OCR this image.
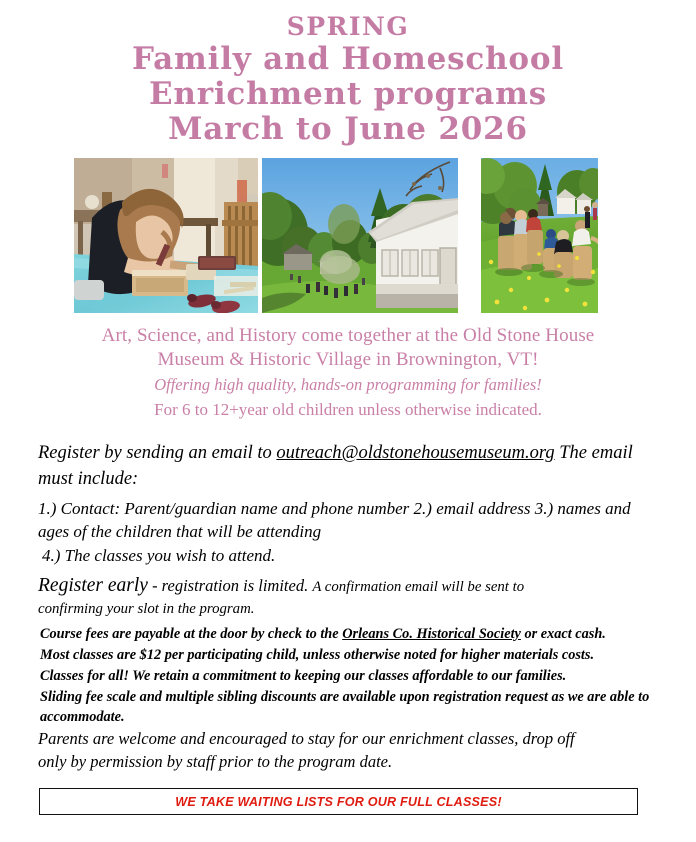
SPRING
Family and Homeschool
Enrichment programs
March to June 2026
Art, Science, and History come together at the Old Stone House
Museum & Historic Village in Brownington, VT!
Offering high quality, hands-on programming for families!
For 6 to 12+year old children unless otherwise indicated.

Register by sending an email to outreach@oldstonehousemuseum.org The email must include:

1.) Contact: Parent/guardian name and phone number 2.) email address 3.) names and ages of the children that will be attending

4.) The classes you wish to attend.

Register early - registration is limited. A confirmation email will be sent to
confirming your slot in the program.

Course fees are payable at the door by check to the Orleans Co. Historical Society or exact cash.

Most classes are $12 per participating child, unless otherwise noted for higher materials costs.

Classes for all! We retain a commitment to keeping our classes affordable to our families.

Sliding fee scale and multiple sibling discounts are available upon registration request as we are able to accommodate.

Parents are welcome and encouraged to stay for our enrichment classes, drop off

only by permission by staff prior to the program date.

WE TAKE WAITING LISTS FOR OUR FULL CLASSES!
